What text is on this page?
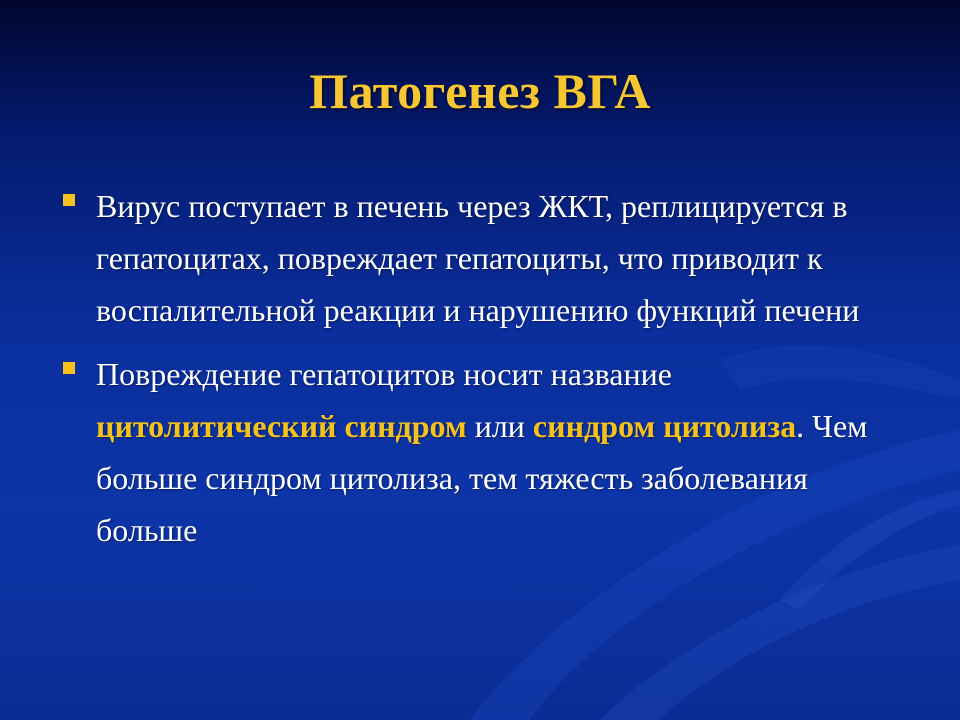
Патогенез ВГА
Вирус поступает в печень через ЖКТ, реплицируется в гепатоцитах, повреждает гепатоциты, что приводит к воспалительной реакции и нарушению функций печени
Повреждение гепатоцитов носит название цитолитический синдром или синдром цитолиза. Чем больше синдром цитолиза, тем тяжесть заболевания больше
